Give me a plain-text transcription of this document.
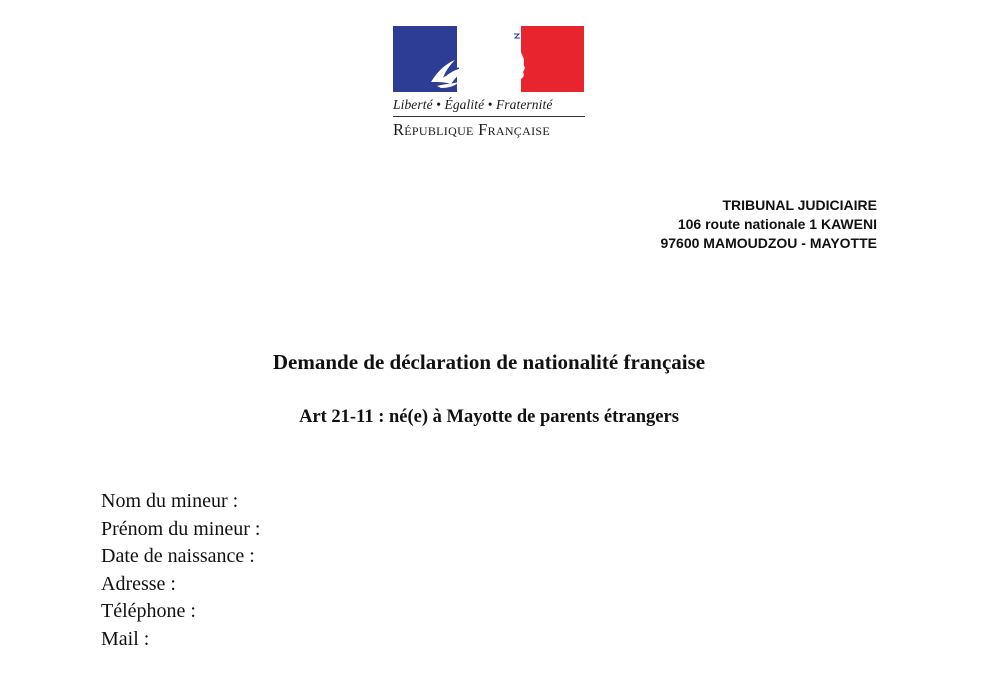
Liberté • Égalité • Fraternité
République Française
TRIBUNAL JUDICIAIRE
106 route nationale 1 KAWENI
97600 MAMOUDZOU - MAYOTTE
Demande de déclaration de nationalité française
Art 21-11 : né(e) à Mayotte de parents étrangers
Nom du mineur :
Prénom du mineur :
Date de naissance :
Adresse :
Téléphone :
Mail :
